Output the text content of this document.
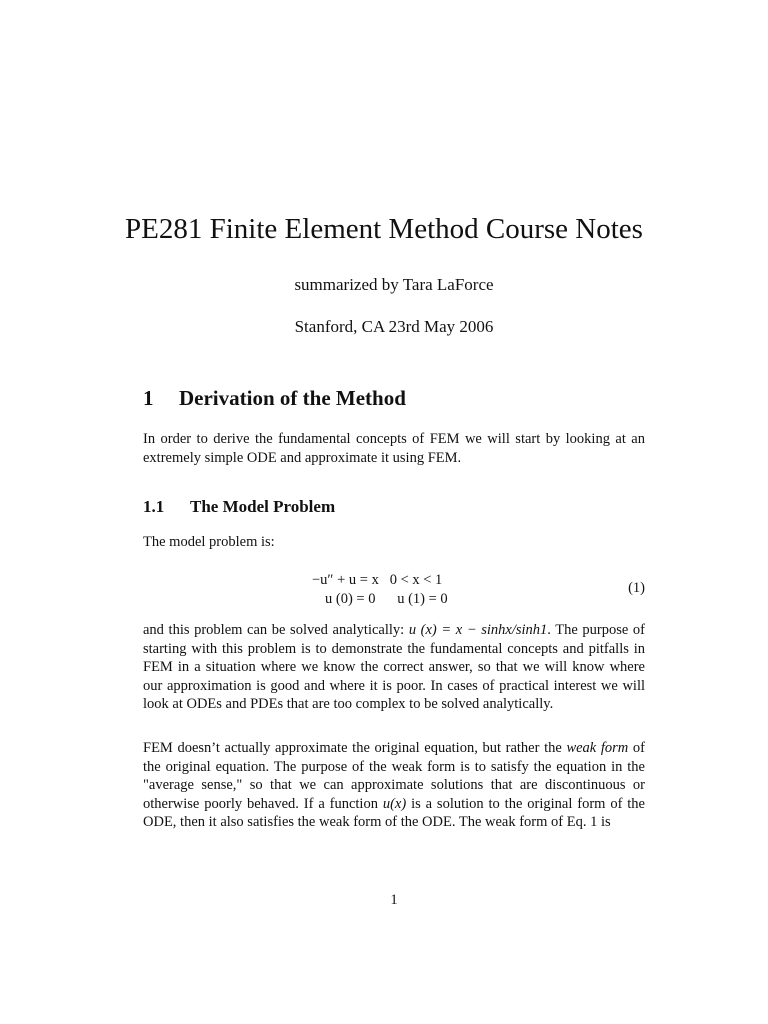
PE281 Finite Element Method Course Notes

summarized by Tara LaForce

Stanford, CA 23rd May 2006

1 Derivation of the Method

In order to derive the fundamental concepts of FEM we will start by looking at an extremely simple ODE and approximate it using FEM.

1.1 The Model Problem

The model problem is:

−u″ + u = x   0 < x < 1
u (0) = 0      u (1) = 0
(1)

and this problem can be solved analytically: u (x) = x − sinhx/sinh1. The purpose of starting with this problem is to demonstrate the fundamental concepts and pitfalls in FEM in a situation where we know the correct answer, so that we will know where our approximation is good and where it is poor. In cases of practical interest we will look at ODEs and PDEs that are too complex to be solved analytically.

FEM doesn’t actually approximate the original equation, but rather the weak form of the original equation. The purpose of the weak form is to satisfy the equation in the "average sense," so that we can approximate solutions that are discontinuous or otherwise poorly behaved. If a function u(x) is a solution to the original form of the ODE, then it also satisfies the weak form of the ODE. The weak form of Eq. 1 is

1
